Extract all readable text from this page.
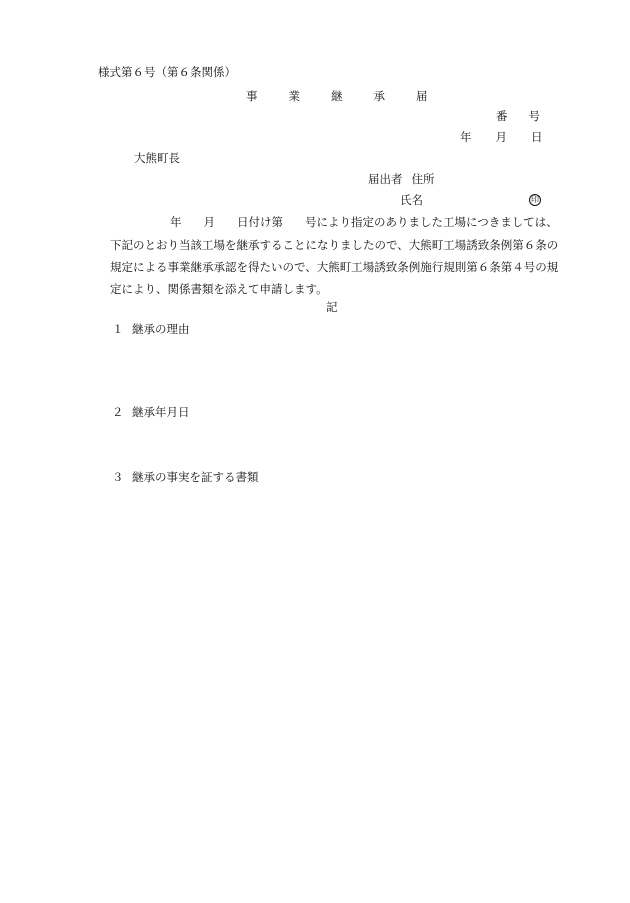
様式第６号（第６条関係）
事	業	継	承	届
番 号
年 月 日
大熊町長
届出者 住所
氏名	印
年 月 日付け第 号により指定のありました工場につきましては、
下記のとおり当該工場を継承することになりましたので、大熊町工場誘致条例第６条の
規定による事業継承承認を得たいので、大熊町工場誘致条例施行規則第６条第４号の規
定により、関係書類を添えて申請します。
記
１ 継承の理由
２ 継承年月日
３ 継承の事実を証する書類
